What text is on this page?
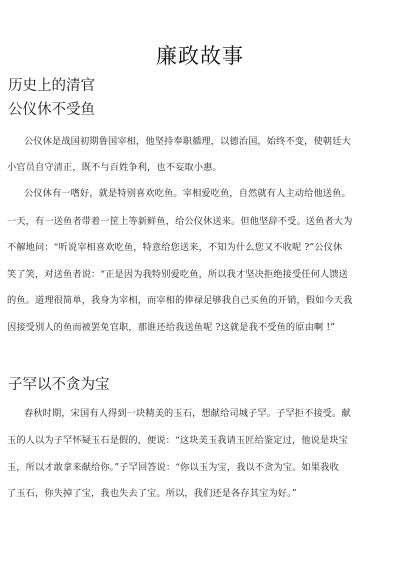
廉政故事
历史上的清官
公仪休不受鱼
公仪休是战国初期鲁国宰相，他坚持奉职循理，以德治国，始终不变，使朝廷大
小官员自守清正，既不与百姓争利，也不妄取小惠。
公仪休有一嗜好，就是特别喜欢吃鱼。宰相爱吃鱼，自然就有人主动给他送鱼。
一天，有一送鱼者带着一筐上等新鲜鱼，给公仪休送来。但他坚辞不受。送鱼者大为
不解地问：“听说宰相喜欢吃鱼，特意给您送来，不知为什么您又不收呢 ?”公仪休
笑了笑，对送鱼者说：“正是因为我特别爱吃鱼，所以我才坚决拒绝接受任何人馈送
的鱼。道理很简单，我身为宰相，而宰相的俸禄足够我自己买鱼的开销，假如今天我
因接受别人的鱼而被罢免官职，那谁还给我送鱼呢 ?这就是我不受鱼的原由啊 !”
子罕以不贪为宝
春秋时期，宋国有人得到一块精美的玉石，想献给司城子罕。子罕拒不接受。献
玉的人以为子罕怀疑玉石是假的，便说：“这块美玉我请玉匠给鉴定过，他说是块宝
玉，所以才敢拿来献给你。”子罕回答说：“你以玉为宝，我以不贪为宝。如果我收
了玉石，你失掉了宝，我也失去了宝。所以，我们还是各存其宝为好。”
